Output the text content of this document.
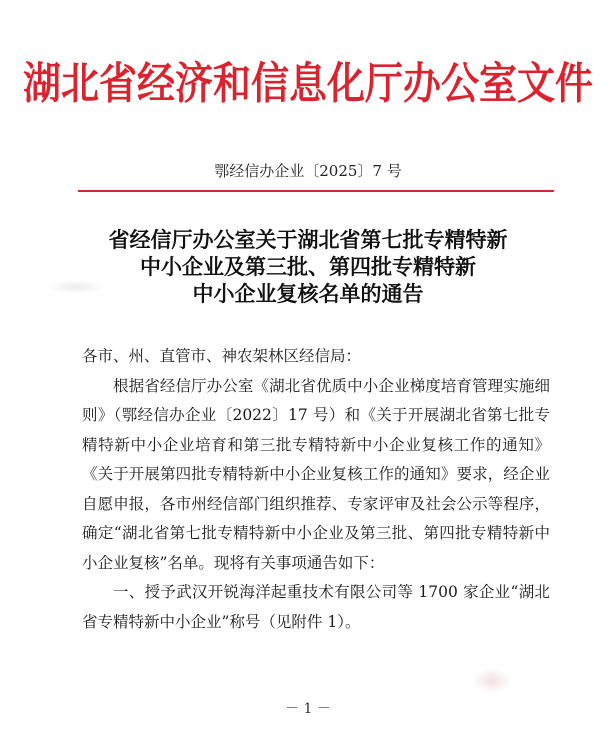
湖北省经济和信息化厅办公室文件
鄂经信办企业〔2025〕7 号
省经信厅办公室关于湖北省第七批专精特新
中小企业及第三批、第四批专精特新
中小企业复核名单的通告

各市、州、直管市、神农架林区经信局：

根据省经信厅办公室《湖北省优质中小企业梯度培育管理实施细则》（鄂经信办企业〔2022〕17 号）和《关于开展湖北省第七批专精特新中小企业培育和第三批专精特新中小企业复核工作的通知》《关于开展第四批专精特新中小企业复核工作的通知》要求，经企业自愿申报，各市州经信部门组织推荐、专家评审及社会公示等程序，确定“湖北省第七批专精特新中小企业及第三批、第四批专精特新中小企业复核”名单。现将有关事项通告如下：

一、授予武汉开锐海洋起重技术有限公司等 1700 家企业“湖北省专精特新中小企业”称号（见附件 1）。

－ 1 －
